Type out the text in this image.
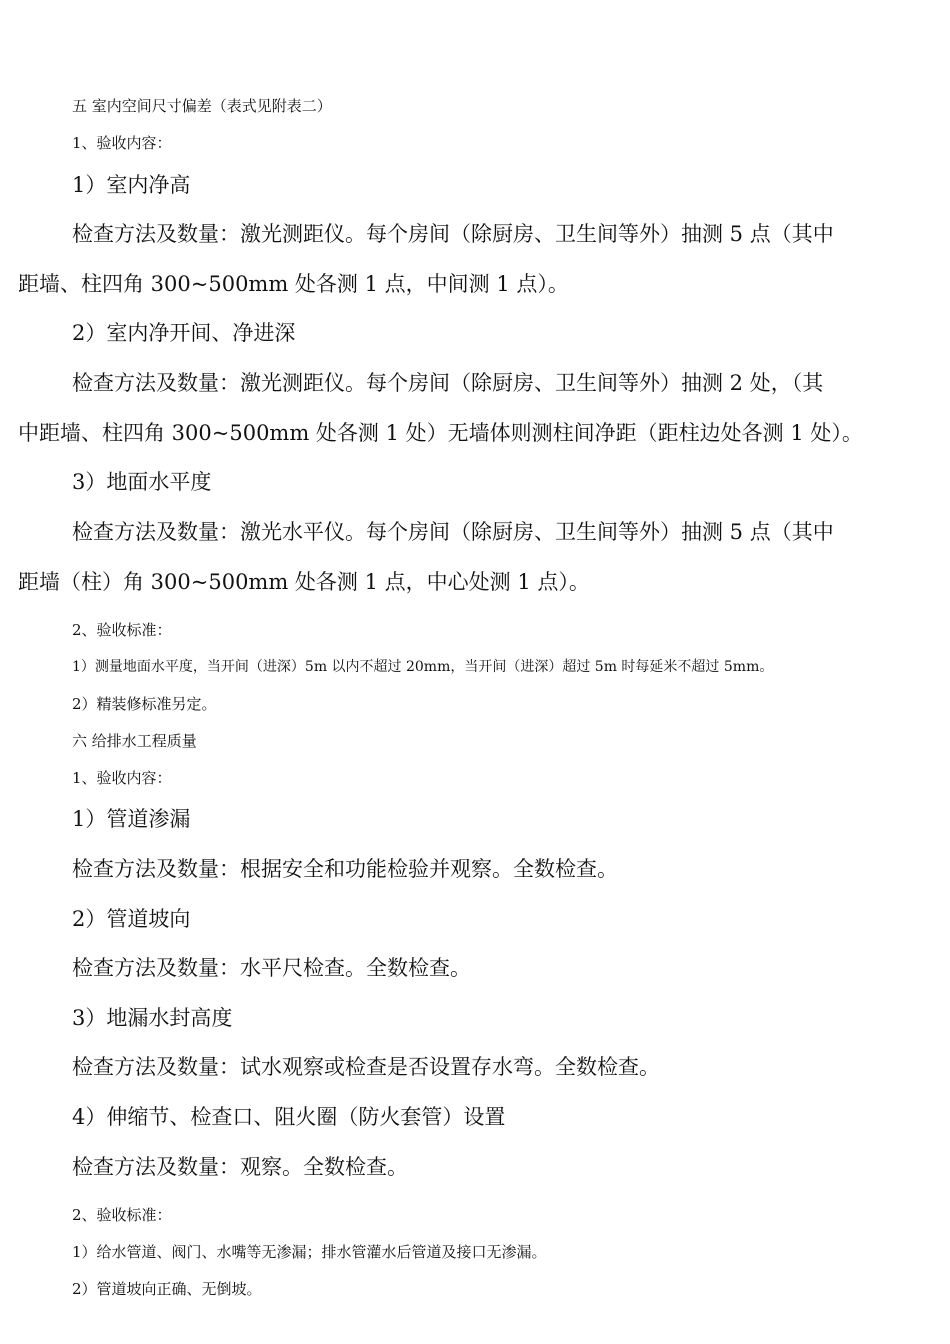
五 室内空间尺寸偏差（表式见附表二）
1、验收内容：
1）室内净高
检查方法及数量：激光测距仪。每个房间（除厨房、卫生间等外）抽测 5 点（其中
距墙、柱四角 300~500mm 处各测 1 点，中间测 1 点）。
2）室内净开间、净进深
检查方法及数量：激光测距仪。每个房间（除厨房、卫生间等外）抽测 2 处，（其
中距墙、柱四角 300~500mm 处各测 1 处）无墙体则测柱间净距（距柱边处各测 1 处）。
3）地面水平度
检查方法及数量：激光水平仪。每个房间（除厨房、卫生间等外）抽测 5 点（其中
距墙（柱）角 300~500mm 处各测 1 点，中心处测 1 点）。
2、验收标准：
1）测量地面水平度，当开间（进深）5m 以内不超过 20mm，当开间（进深）超过 5m 时每延米不超过 5mm。
2）精装修标准另定。
六 给排水工程质量
1、验收内容：
1）管道渗漏
检查方法及数量：根据安全和功能检验并观察。全数检查。
2）管道坡向
检查方法及数量：水平尺检查。全数检查。
3）地漏水封高度
检查方法及数量：试水观察或检查是否设置存水弯。全数检查。
4）伸缩节、检查口、阻火圈（防火套管）设置
检查方法及数量：观察。全数检查。
2、验收标准：
1）给水管道、阀门、水嘴等无渗漏；排水管灌水后管道及接口无渗漏。
2）管道坡向正确、无倒坡。
